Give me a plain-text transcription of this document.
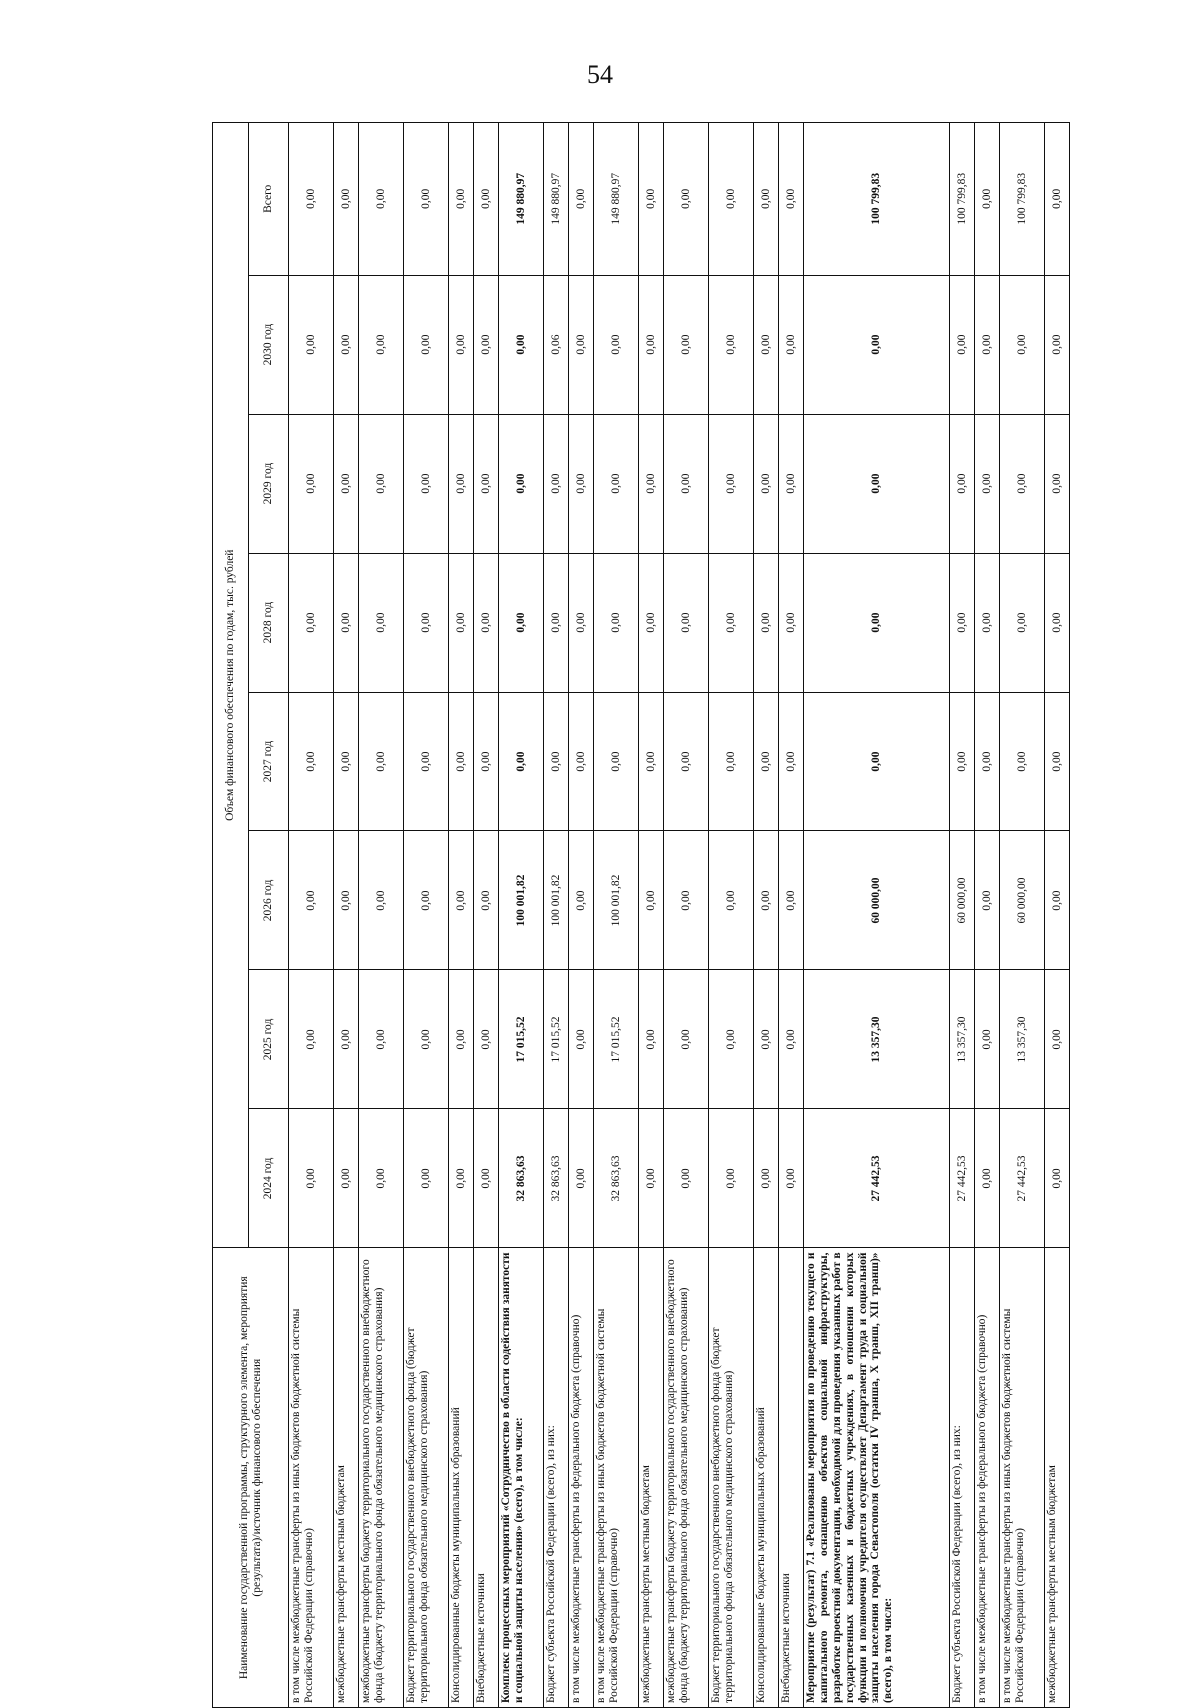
54
Наименование государственной программы, структурного элемента, мероприятия (результата)/источник финансового обеспечения	Объем финансового обеспечения по годам, тыс. рублей							
	2024 год	2025 год	2026 год	2027 год	2028 год	2029 год	2030 год	Всего
в том числе межбюджетные трансферты из иных бюджетов бюджетной системы Российской Федерации (справочно)	0,00	0,00	0,00	0,00	0,00	0,00	0,00	0,00
межбюджетные трансферты местным бюджетам	0,00	0,00	0,00	0,00	0,00	0,00	0,00	0,00
межбюджетные трансферты бюджету территориального государственного внебюджетного фонда (бюджету территориального фонда обязательного медицинского страхования)	0,00	0,00	0,00	0,00	0,00	0,00	0,00	0,00
Бюджет территориального государственного внебюджетного фонда (бюджет территориального фонда обязательного медицинского страхования)	0,00	0,00	0,00	0,00	0,00	0,00	0,00	0,00
Консолидированные бюджеты муниципальных образований	0,00	0,00	0,00	0,00	0,00	0,00	0,00	0,00
Внебюджетные источники	0,00	0,00	0,00	0,00	0,00	0,00	0,00	0,00
Комплекс процессных мероприятий «Сотрудничество в области содействия занятости и социальной защиты населения» (всего), в том числе:	32 863,63	17 015,52	100 001,82	0,00	0,00	0,00	0,00	149 880,97
Бюджет субъекта Российской Федерации (всего), из них:	32 863,63	17 015,52	100 001,82	0,00	0,00	0,00	0,06	149 880,97
в том числе межбюджетные трансферты из федерального бюджета (справочно)	0,00	0,00	0,00	0,00	0,00	0,00	0,00	0,00
в том числе межбюджетные трансферты из иных бюджетов бюджетной системы Российской Федерации (справочно)	32 863,63	17 015,52	100 001,82	0,00	0,00	0,00	0,00	149 880,97
межбюджетные трансферты местным бюджетам	0,00	0,00	0,00	0,00	0,00	0,00	0,00	0,00
межбюджетные трансферты бюджету территориального государственного внебюджетного фонда (бюджету территориального фонда обязательного медицинского страхования)	0,00	0,00	0,00	0,00	0,00	0,00	0,00	0,00
Бюджет территориального государственного внебюджетного фонда (бюджет территориального фонда обязательного медицинского страхования)	0,00	0,00	0,00	0,00	0,00	0,00	0,00	0,00
Консолидированные бюджеты муниципальных образований	0,00	0,00	0,00	0,00	0,00	0,00	0,00	0,00
Внебюджетные источники	0,00	0,00	0,00	0,00	0,00	0,00	0,00	0,00
Мероприятие (результат) 7.1 «Реализованы мероприятия по проведению текущего и капитального ремонта, оснащению объектов социальной инфраструктуры, разработке проектной документации, необходимой для проведения указанных работ в государственных казенных и бюджетных учреждениях, в отношении которых функции и полномочия учредителя осуществляет Департамент труда и социальной защиты населения города Севастополя (остатки IV транша, X транш, XII транш)» (всего), в том числе:	27 442,53	13 357,30	60 000,00	0,00	0,00	0,00	0,00	100 799,83
Бюджет субъекта Российской Федерации (всего), из них:	27 442,53	13 357,30	60 000,00	0,00	0,00	0,00	0,00	100 799,83
в том числе межбюджетные трансферты из федерального бюджета (справочно)	0,00	0,00	0,00	0,00	0,00	0,00	0,00	0,00
в том числе межбюджетные трансферты из иных бюджетов бюджетной системы Российской Федерации (справочно)	27 442,53	13 357,30	60 000,00	0,00	0,00	0,00	0,00	100 799,83
межбюджетные трансферты местным бюджетам	0,00	0,00	0,00	0,00	0,00	0,00	0,00	0,00
